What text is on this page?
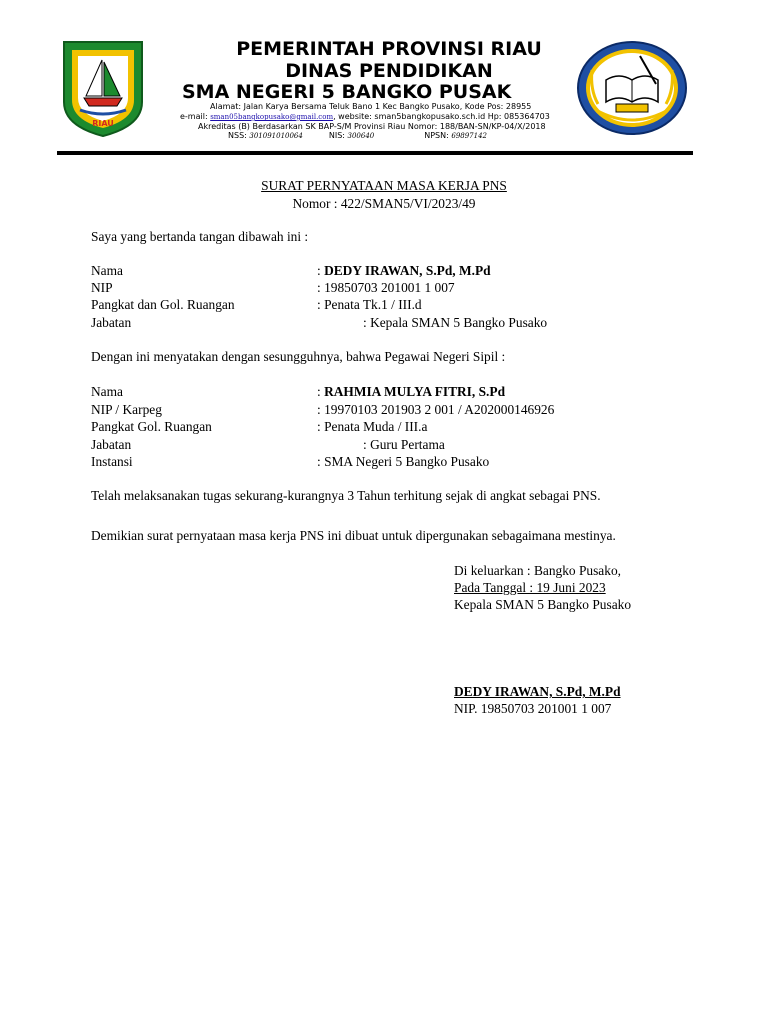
RIAU
PEMERINTAH PROVINSI RIAU
DINAS PENDIDIKAN
SMA NEGERI 5 BANGKO PUSAK
Alamat: Jalan Karya Bersama Teluk Bano 1 Kec Bangko Pusako, Kode Pos: 28955
e-mail: sman05bangkopusako@gmail.com, website: sman5bangkopusako.sch.id Hp: 085364703
Akreditas (B) Berdasarkan SK BAP-S/M Provinsi Riau Nomor: 188/BAN-SN/KP-04/X/2018
NSS: 301091010064	NIS: 300640	NPSN: 69897142
SURAT PERNYATAAN MASA KERJA PNS
Nomor : 422/SMAN5/VI/2023/49
Saya yang bertanda tangan dibawah ini :
Nama	: DEDY IRAWAN, S.Pd, M.Pd
NIP	: 19850703 201001 1 007
Pangkat dan Gol. Ruangan	: Penata Tk.1 / III.d
Jabatan	: Kepala SMAN 5 Bangko Pusako
Dengan ini menyatakan dengan sesungguhnya, bahwa Pegawai Negeri Sipil :
Nama	: RAHMIA MULYA FITRI, S.Pd
NIP / Karpeg	: 19970103 201903 2 001 / A202000146926
Pangkat Gol. Ruangan	: Penata Muda / III.a
Jabatan	: Guru Pertama
Instansi	: SMA Negeri 5 Bangko Pusako
Telah melaksanakan tugas sekurang-kurangnya 3 Tahun terhitung sejak di angkat sebagai PNS.
Demikian surat pernyataan masa kerja PNS ini dibuat untuk dipergunakan sebagaimana mestinya.
Di keluarkan : Bangko Pusako,
Pada Tanggal : 19 Juni 2023
Kepala SMAN 5 Bangko Pusako
DEDY IRAWAN, S.Pd, M.Pd
NIP. 19850703 201001 1 007
